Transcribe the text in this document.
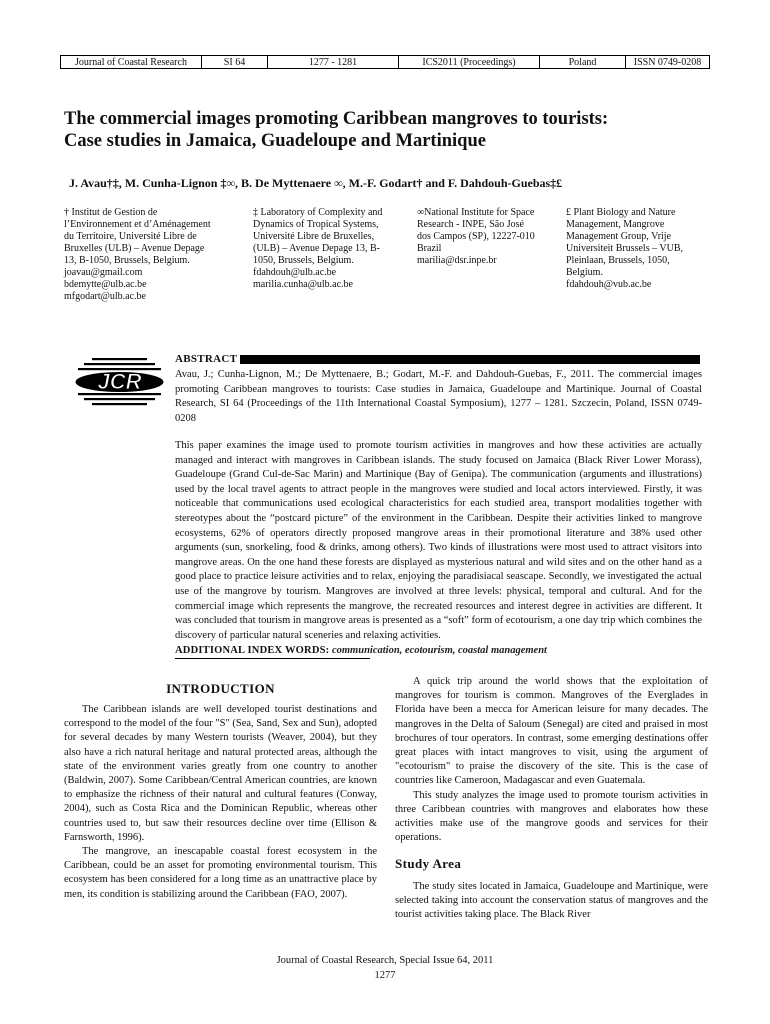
Journal of Coastal Research	SI 64	1277 - 1281	ICS2011 (Proceedings)	Poland	ISSN 0749-0208
The commercial images promoting Caribbean mangroves to tourists:
Case studies in Jamaica, Guadeloupe and Martinique
J. Avau†‡, M. Cunha-Lignon ‡∞, B. De Myttenaere ∞, M.-F. Godart† and F. Dahdouh-Guebas‡£
† Institut de Gestion de
l’Environnement et d’Aménagement
du Territoire, Université Libre de
Bruxelles (ULB) – Avenue Depage
13, B-1050, Brussels, Belgium.
joavau@gmail.com
bdemytte@ulb.ac.be
mfgodart@ulb.ac.be
‡ Laboratory of Complexity and
Dynamics of Tropical Systems,
Université Libre de Bruxelles,
(ULB) – Avenue Depage 13, B-
1050, Brussels, Belgium.
fdahdouh@ulb.ac.be
marilia.cunha@ulb.ac.be
∞National Institute for Space
Research - INPE, São José
dos Campos (SP), 12227-010
Brazil
marilia@dsr.inpe.br
£ Plant Biology and Nature
Management, Mangrove
Management Group, Vrije
Universiteit Brussels – VUB,
Pleinlaan, Brussels, 1050,
Belgium.
fdahdouh@vub.ac.be
JCR
ABSTRACT
Avau, J.; Cunha-Lignon, M.; De Myttenaere, B.; Godart, M.-F. and Dahdouh-Guebas, F., 2011. The commercial images promoting Caribbean mangroves to tourists: Case studies in Jamaica, Guadeloupe and Martinique. Journal of Coastal Research, SI 64 (Proceedings of the 11th International Coastal Symposium), 1277 – 1281. Szczecin, Poland, ISSN 0749-0208
This paper examines the image used to promote tourism activities in mangroves and how these activities are actually managed and interact with mangroves in Caribbean islands. The study focused on Jamaica (Black River Lower Morass), Guadeloupe (Grand Cul-de-Sac Marin) and Martinique (Bay of Genipa). The communication (arguments and illustrations) used by the local travel agents to attract people in the mangroves were studied and local actors interviewed. Firstly, it was noticeable that communications used ecological characteristics for each studied area, transport modalities together with stereotypes about the “postcard picture” of the environment in the Caribbean. Despite their activities linked to mangrove ecosystems, 62% of operators directly proposed mangrove areas in their promotional literature and 38% used other arguments (sun, snorkeling, food & drinks, among others). Two kinds of illustrations were most used to attract visitors into mangrove areas. On the one hand these forests are displayed as mysterious natural and wild sites and on the other hand as a good place to practice leisure activities and to relax, enjoying the paradisiacal seascape. Secondly, we investigated the actual use of the mangrove by tourism. Mangroves are involved at three levels: physical, temporal and cultural. And for the commercial image which represents the mangrove, the recreated resources and interest degree in activities are different. It was concluded that tourism in mangrove areas is presented as a “soft” form of ecotourism, a one day trip which combines the discovery of particular natural sceneries and relaxing activities.
ADDITIONAL INDEX WORDS: communication, ecotourism, coastal management
INTRODUCTION

The Caribbean islands are well developed tourist destinations and correspond to the model of the four "S" (Sea, Sand, Sex and Sun), adopted for several decades by many Western tourists (Weaver, 2004), but they also have a rich natural heritage and natural protected areas, although the state of the environment varies greatly from one country to another (Baldwin, 2007). Some Caribbean/Central American countries, are known to emphasize the richness of their natural and cultural features (Conway, 2004), such as Costa Rica and the Dominican Republic, whereas other countries used to, but saw their resources decline over time (Ellison & Farnsworth, 1996).

The mangrove, an inescapable coastal forest ecosystem in the Caribbean, could be an asset for promoting environmental tourism. This ecosystem has been considered for a long time as an unattractive place by men, its condition is stabilizing around the Caribbean (FAO, 2007).

A quick trip around the world shows that the exploitation of mangroves for tourism is common. Mangroves of the Everglades in Florida have been a mecca for American leisure for many decades. The mangroves in the Delta of Saloum (Senegal) are cited and praised in most brochures of tour operators. In contrast, some emerging destinations offer great places with intact mangroves to visit, using the argument of "ecotourism" to praise the discovery of the site. This is the case of countries like Cameroon, Madagascar and even Guatemala.

This study analyzes the image used to promote tourism activities in three Caribbean countries with mangroves and elaborates how these activities make use of the mangrove goods and services for their operations.

Study Area

The study sites located in Jamaica, Guadeloupe and Martinique, were selected taking into account the conservation status of mangroves and the tourist activities taking place. The Black River

Journal of Coastal Research, Special Issue 64, 2011
1277
